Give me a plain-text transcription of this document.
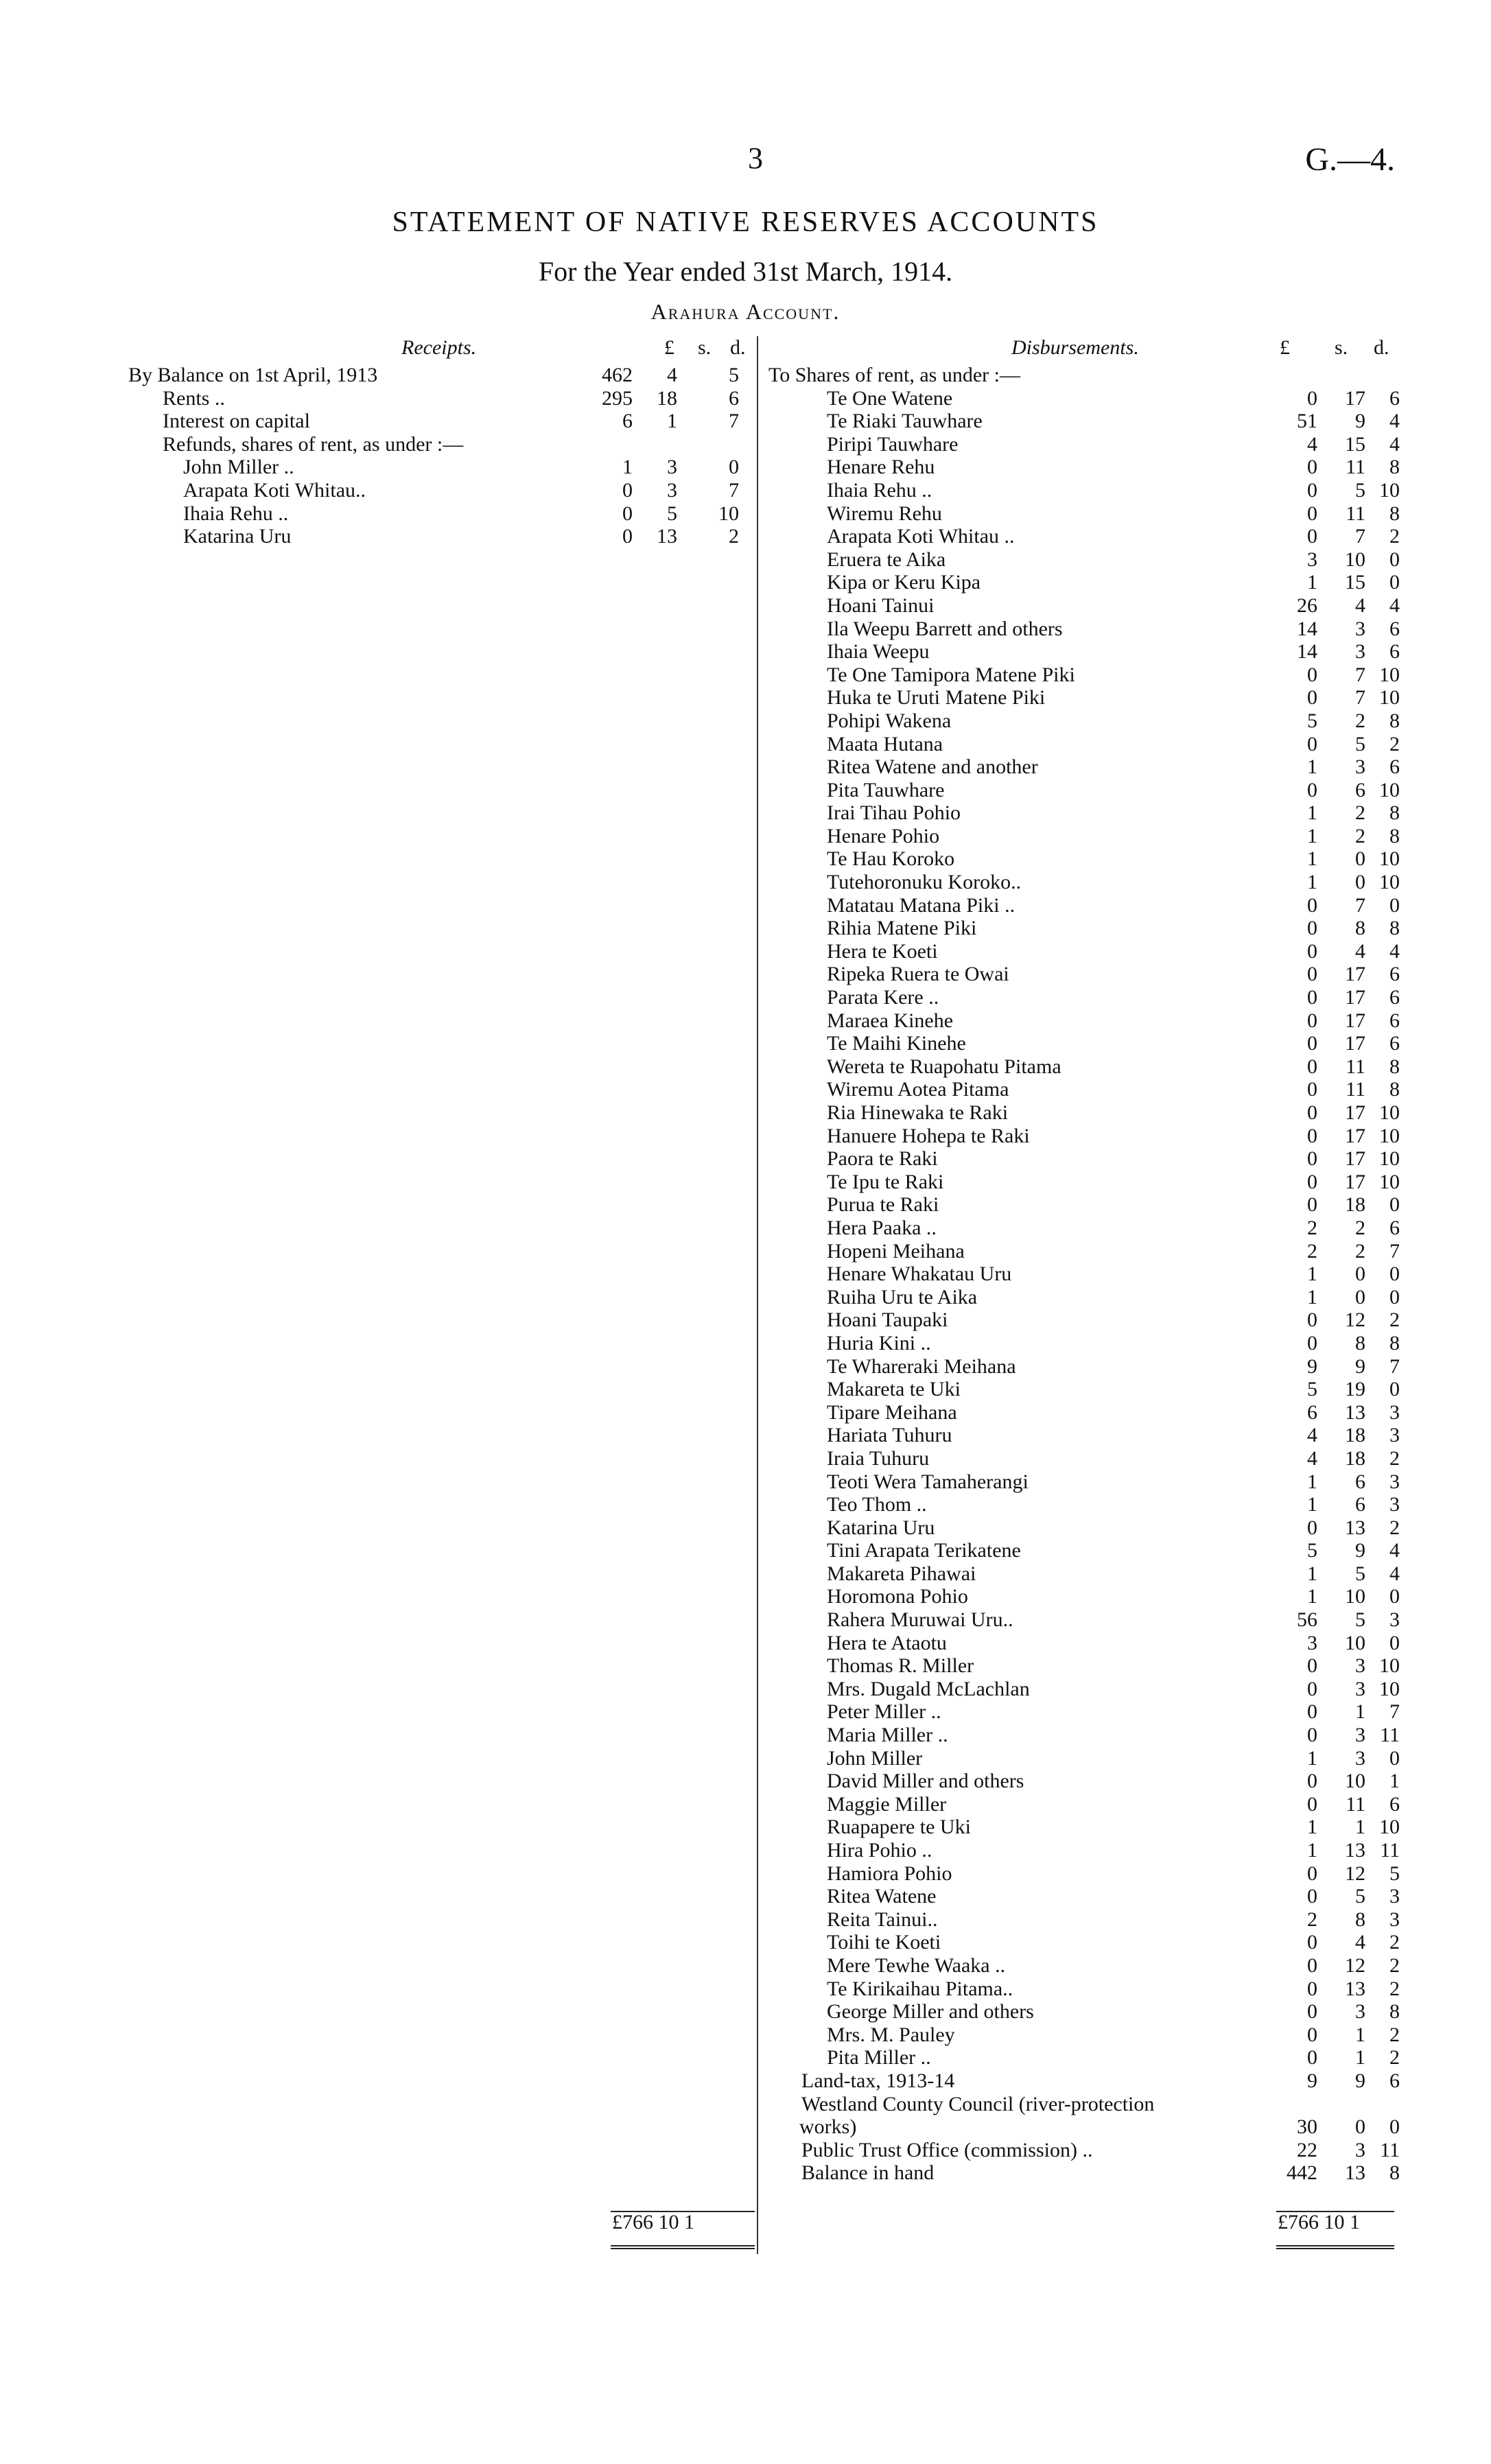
3	G.—4.
STATEMENT OF NATIVE RESERVES ACCOUNTS
For the Year ended 31st March, 1914.
Arahura Account.
Receipts.	£ s. d.	Disbursements.	£ s. d.
By Balance on 1st April, 1913	462 4	5
Rents ..	295 18	6
Interest on capital	6 1	7
Refunds, shares of rent, as under :—
John Miller ..	1 3	0
Arapata Koti Whitau..	0 3	7
Ihaia Rehu ..	0 5 10
Katarina Uru	0 13	2
To Shares of rent, as under :—
Te One Watene	0 17 6
Te Riaki Tauwhare	51 9 4
Piripi Tauwhare	4 15 4
Henare Rehu	0 11 8
Ihaia Rehu ..	0 5 10
Wiremu Rehu	0 11 8
Arapata Koti Whitau ..	0 7 2
Eruera te Aika	3 10 0
Kipa or Keru Kipa	1 15 0
Hoani Tainui	26 4 4
Ila Weepu Barrett and others	14 3 6
Ihaia Weepu	14 3 6
Te One Tamipora Matene Piki	0 7 10
Huka te Uruti Matene Piki	0 7 10
Pohipi Wakena	5 2 8
Maata Hutana	0 5 2
Ritea Watene and another	1 3 6
Pita Tauwhare	0 6 10
Irai Tihau Pohio	1 2 8
Henare Pohio	1 2 8
Te Hau Koroko	1 0 10
Tutehoronuku Koroko..	1 0 10
Matatau Matana Piki ..	0 7 0
Rihia Matene Piki	0 8 8
Hera te Koeti	0 4 4
Ripeka Ruera te Owai	0 17 6
Parata Kere ..	0 17 6
Maraea Kinehe	0 17 6
Te Maihi Kinehe	0 17 6
Wereta te Ruapohatu Pitama	0 11 8
Wiremu Aotea Pitama	0 11 8
Ria Hinewaka te Raki	0 17 10
Hanuere Hohepa te Raki	0 17 10
Paora te Raki	0 17 10
Te Ipu te Raki	0 17 10
Purua te Raki	0 18 0
Hera Paaka ..	2 2 6
Hopeni Meihana	2 2 7
Henare Whakatau Uru	1 0 0
Ruiha Uru te Aika	1 0 0
Hoani Taupaki	0 12 2
Huria Kini ..	0 8 8
Te Whareraki Meihana	9 9 7
Makareta te Uki	5 19 0
Tipare Meihana	6 13 3
Hariata Tuhuru	4 18 3
Iraia Tuhuru	4 18 2
Teoti Wera Tamaherangi	1 6 3
Teo Thom ..	1 6 3
Katarina Uru	0 13 2
Tini Arapata Terikatene	5 9 4
Makareta Pihawai	1 5 4
Horomona Pohio	1 10 0
Rahera Muruwai Uru..	56 5 3
Hera te Ataotu	3 10 0
Thomas R. Miller	0 3 10
Mrs. Dugald McLachlan	0 3 10
Peter Miller ..	0 1 7
Maria Miller ..	0 3 11
John Miller	1 3 0
David Miller and others	0 10 1
Maggie Miller	0 11 6
Ruapapere te Uki	1 1 10
Hira Pohio ..	1 13 11
Hamiora Pohio	0 12 5
Ritea Watene	0 5 3
Reita Tainui..	2 8 3
Toihi te Koeti	0 4 2
Mere Tewhe Waaka ..	0 12 2
Te Kirikaihau Pitama..	0 13 2
George Miller and others	0 3 8
Mrs. M. Pauley	0 1 2
Pita Miller ..	0 1 2
Land-tax, 1913-14	9 9 6
Westland County Council (river-protection
works)	30 0 0
Public Trust Office (commission) ..	22 3 11
Balance in hand	442 13 8
£766 10 1	£766 10 1
